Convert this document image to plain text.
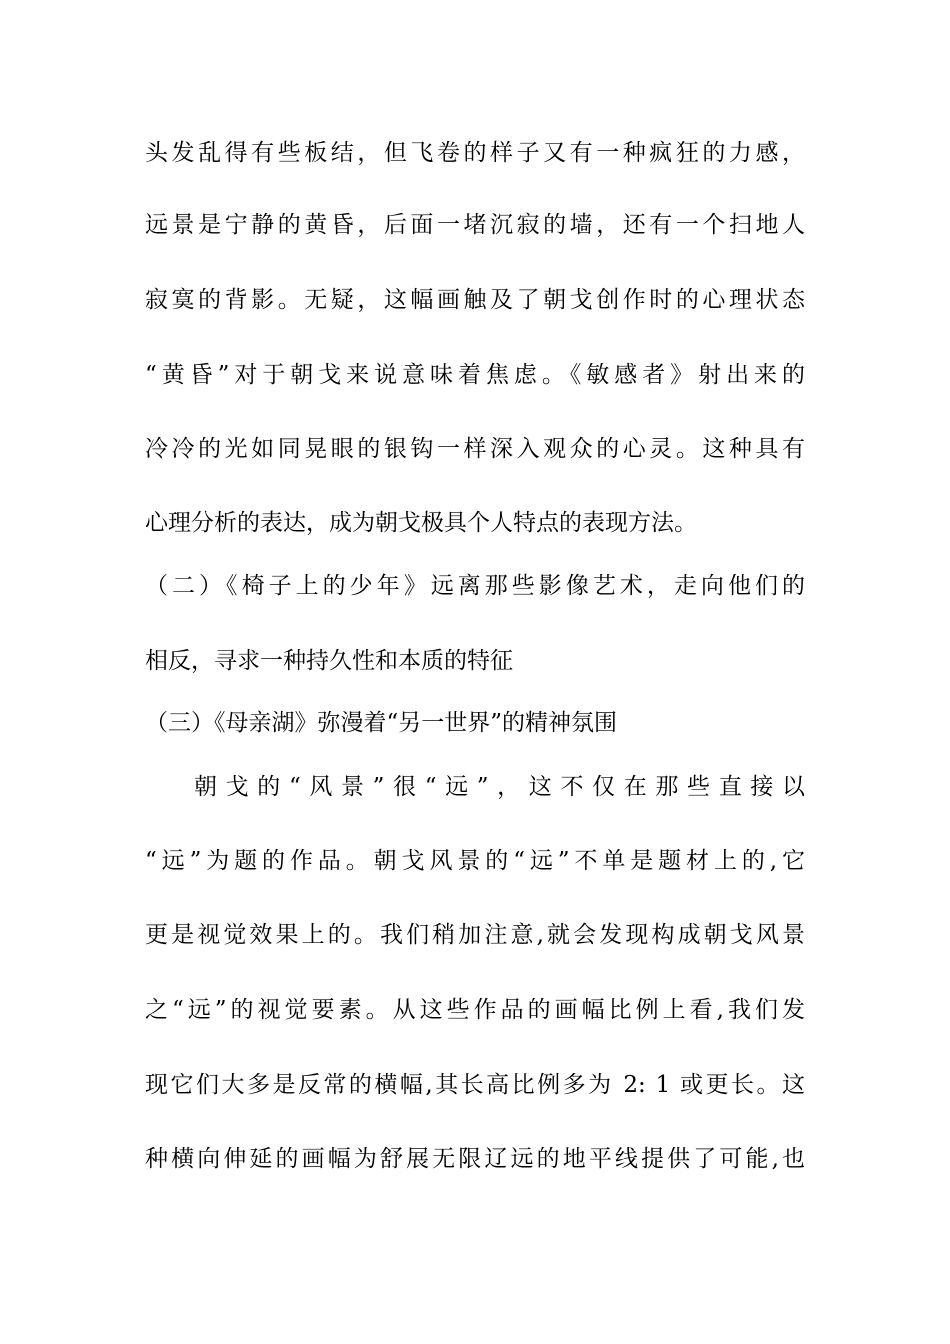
头发乱得有些板结，但飞卷的样子又有一种疯狂的力感，
远景是宁静的黄昏，后面一堵沉寂的墙，还有一个扫地人
寂寞的背影。无疑，这幅画触及了朝戈创作时的心理状态
“黄昏”对于朝戈来说意味着焦虑。《敏感者》射出来的
冷冷的光如同晃眼的银钩一样深入观众的心灵。这种具有
心理分析的表达，成为朝戈极具个人特点的表现方法。
（二）《椅子上的少年》远离那些影像艺术，走向他们的
相反，寻求一种持久性和本质的特征
（三）《母亲湖》弥漫着“另一世界”的精神氛围
朝戈的“风景”很“远”，这不仅在那些直接以
“远”为题的作品。朝戈风景的“远”不单是题材上的,它
更是视觉效果上的。我们稍加注意,就会发现构成朝戈风景
之“远”的视觉要素。从这些作品的画幅比例上看,我们发
现它们大多是反常的横幅,其长高比例多为 2: 1 或更长。这
种横向伸延的画幅为舒展无限辽远的地平线提供了可能,也
